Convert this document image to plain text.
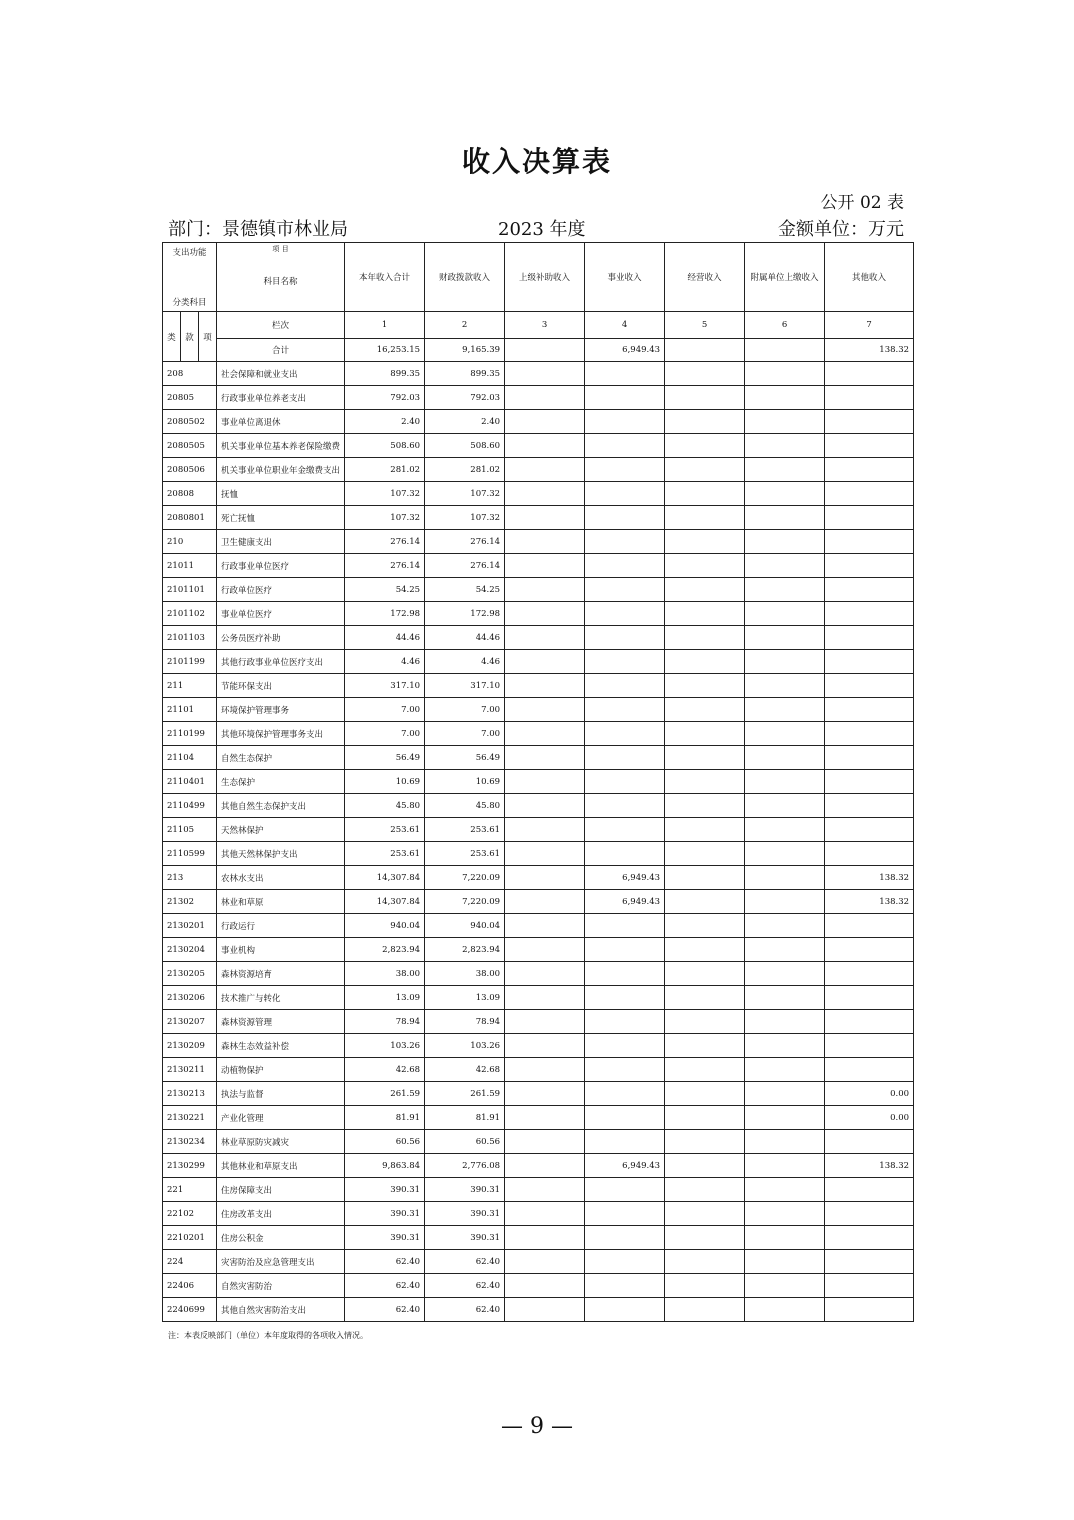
收入决算表
公开 02 表
部门：景德镇市林业局	2023 年度	金额单位：万元
支出功能
分类科目			项 目
科目名称	本年收入合计	财政拨款收入	上级补助收入	事业收入	经营收入	附属单位上缴收入	其他收入
类	款	项	栏次	1	2	3	4	5	6	7
			合计	16,253.15	9,165.39		6,949.43			138.32
208			社会保障和就业支出	899.35	899.35					
20805			行政事业单位养老支出	792.03	792.03					
2080502			事业单位离退休	2.40	2.40					
2080505			机关事业单位基本养老保险缴费	508.60	508.60					
2080506			机关事业单位职业年金缴费支出	281.02	281.02					
20808			抚恤	107.32	107.32					
2080801			死亡抚恤	107.32	107.32					
210			卫生健康支出	276.14	276.14					
21011			行政事业单位医疗	276.14	276.14					
2101101			行政单位医疗	54.25	54.25					
2101102			事业单位医疗	172.98	172.98					
2101103			公务员医疗补助	44.46	44.46					
2101199			其他行政事业单位医疗支出	4.46	4.46					
211			节能环保支出	317.10	317.10					
21101			环境保护管理事务	7.00	7.00					
2110199			其他环境保护管理事务支出	7.00	7.00					
21104			自然生态保护	56.49	56.49					
2110401			生态保护	10.69	10.69					
2110499			其他自然生态保护支出	45.80	45.80					
21105			天然林保护	253.61	253.61					
2110599			其他天然林保护支出	253.61	253.61					
213			农林水支出	14,307.84	7,220.09		6,949.43			138.32
21302			林业和草原	14,307.84	7,220.09		6,949.43			138.32
2130201			行政运行	940.04	940.04					
2130204			事业机构	2,823.94	2,823.94					
2130205			森林资源培育	38.00	38.00					
2130206			技术推广与转化	13.09	13.09					
2130207			森林资源管理	78.94	78.94					
2130209			森林生态效益补偿	103.26	103.26					
2130211			动植物保护	42.68	42.68					
2130213			执法与监督	261.59	261.59					0.00
2130221			产业化管理	81.91	81.91					0.00
2130234			林业草原防灾减灾	60.56	60.56					
2130299			其他林业和草原支出	9,863.84	2,776.08		6,949.43			138.32
221			住房保障支出	390.31	390.31					
22102			住房改革支出	390.31	390.31					
2210201			住房公积金	390.31	390.31					
224			灾害防治及应急管理支出	62.40	62.40					
22406			自然灾害防治	62.40	62.40					
2240699			其他自然灾害防治支出	62.40	62.40					
注：本表反映部门（单位）本年度取得的各项收入情况。
— 9 —
